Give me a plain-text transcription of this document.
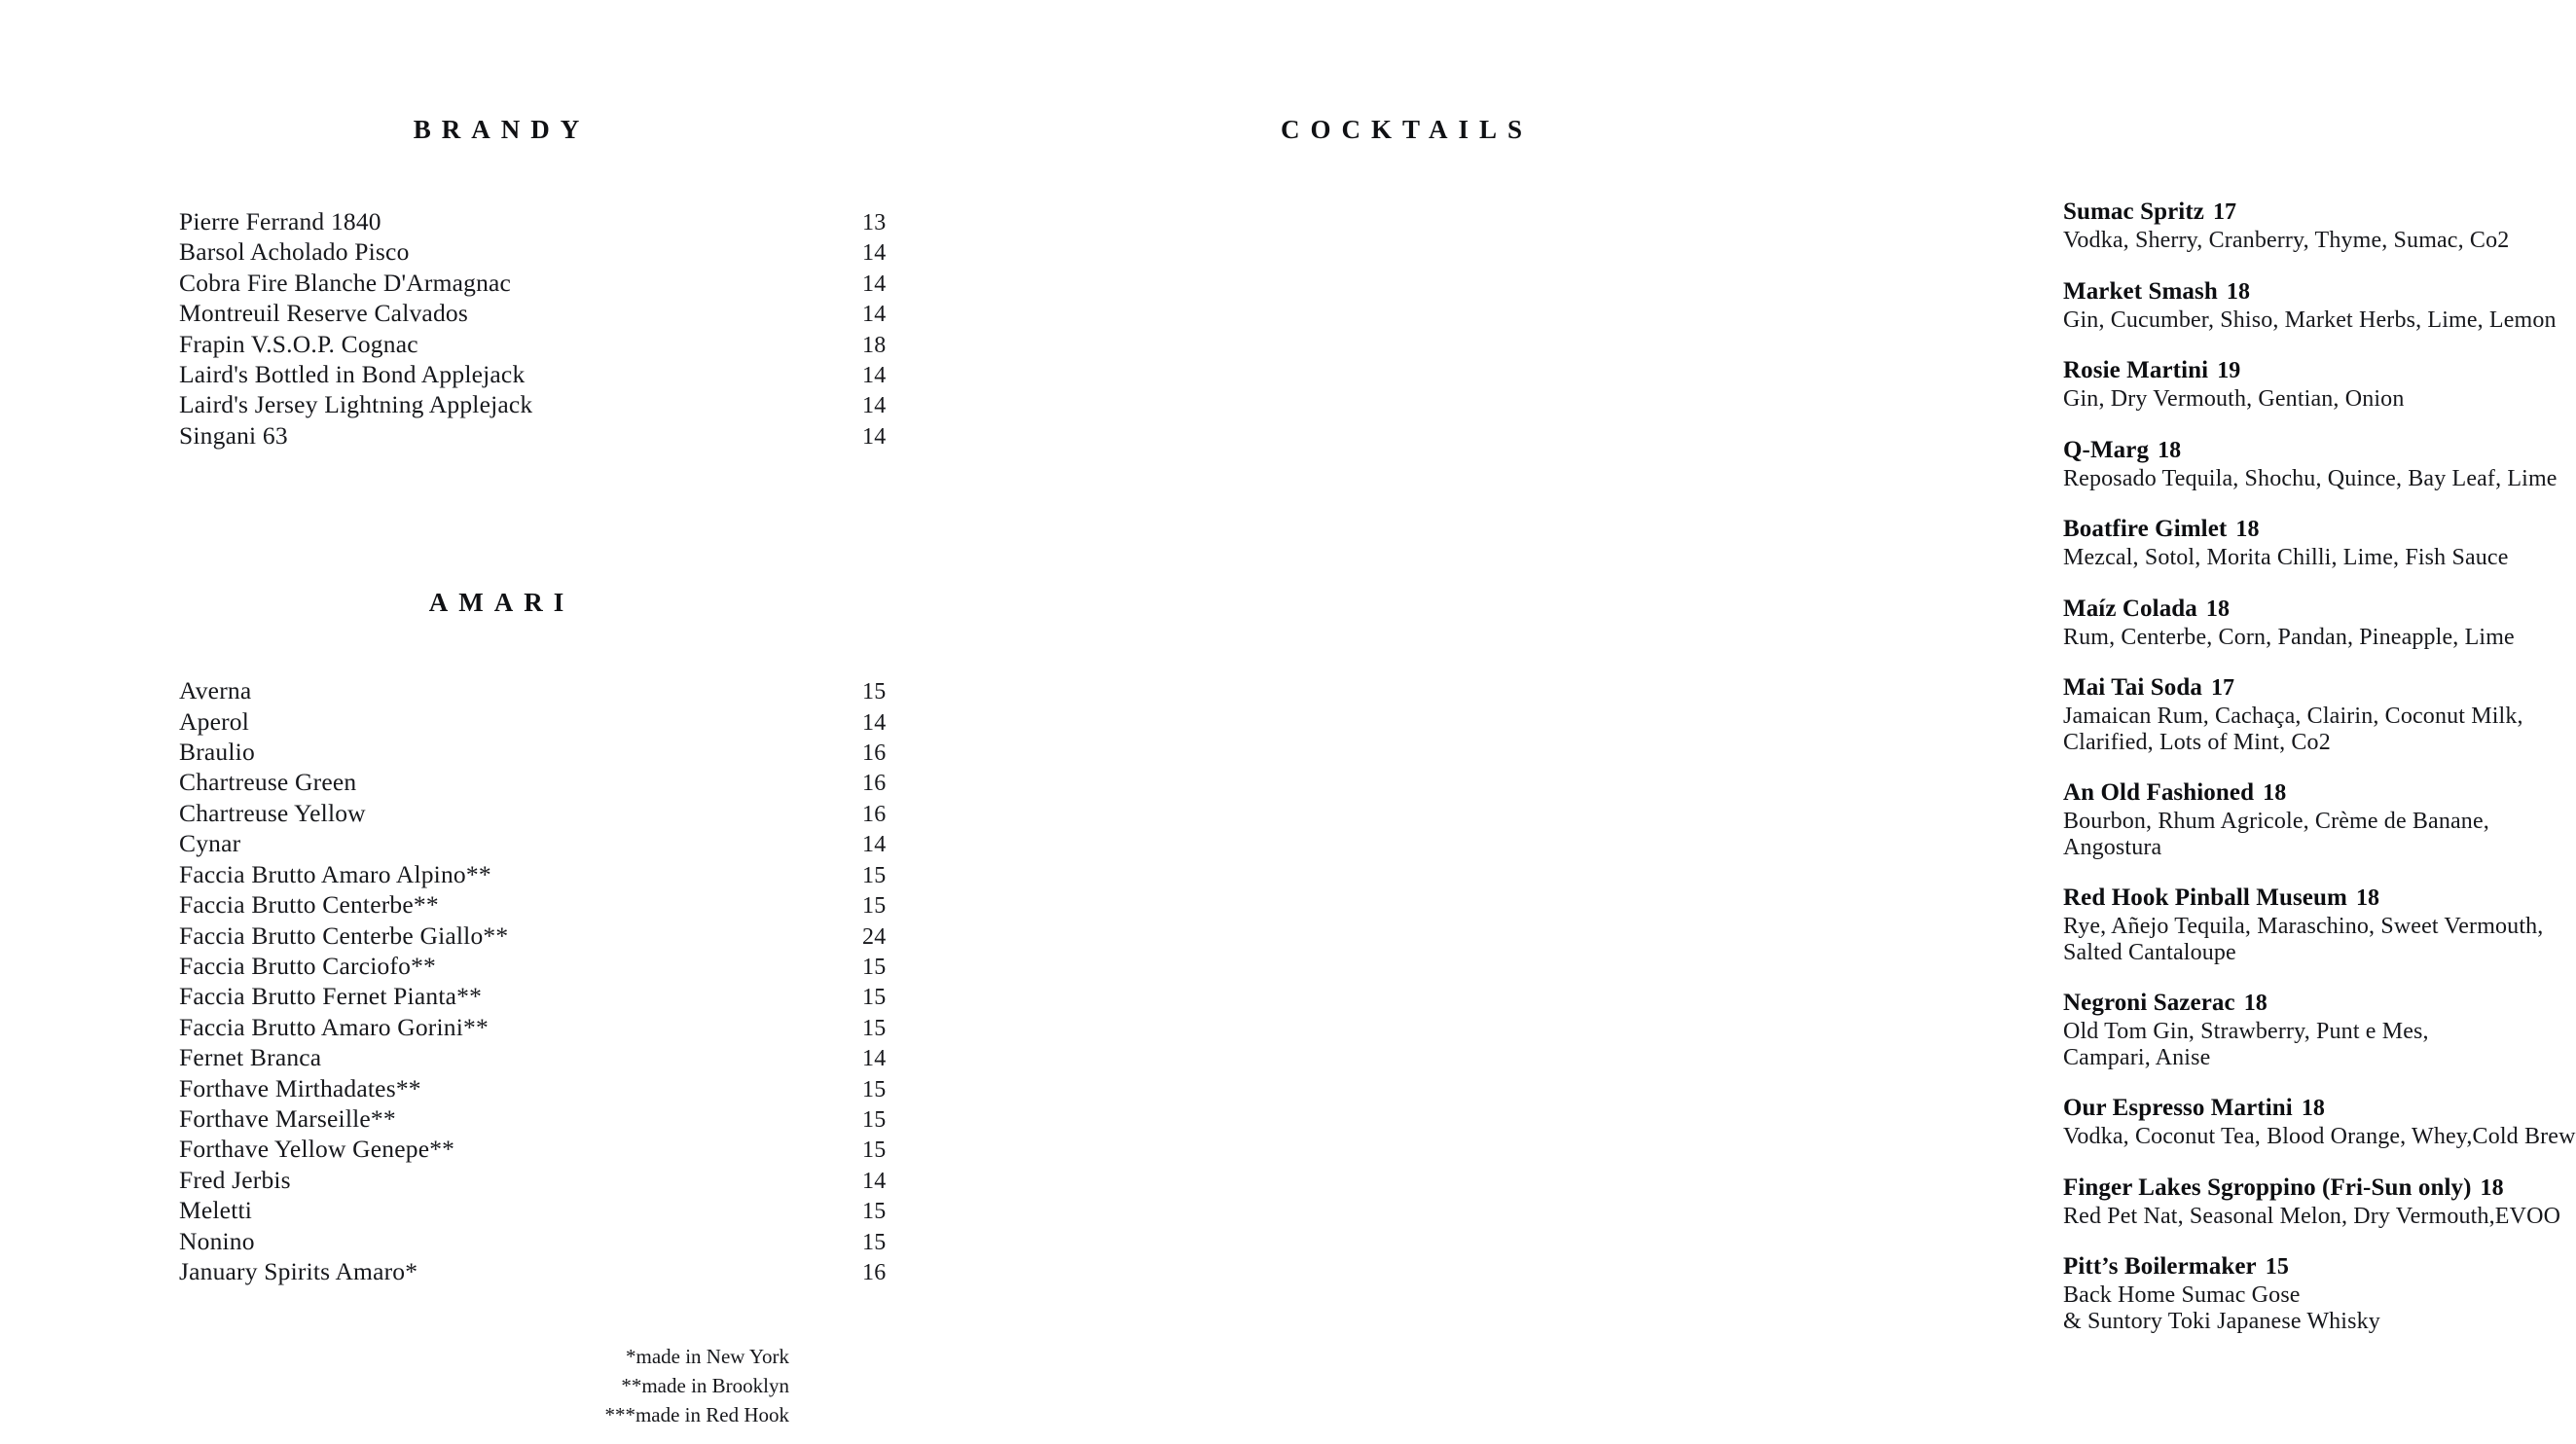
BRANDY
Pierre Ferrand 1840	13
Barsol Acholado Pisco	14
Cobra Fire Blanche D'Armagnac	14
Montreuil Reserve Calvados	14
Frapin V.S.O.P. Cognac	18
Laird's Bottled in Bond Applejack	14
Laird's Jersey Lightning Applejack	14
Singani 63	14
AMARI
Averna	15
Aperol	14
Braulio	16
Chartreuse Green	16
Chartreuse Yellow	16
Cynar	14
Faccia Brutto Amaro Alpino**	15
Faccia Brutto Centerbe**	15
Faccia Brutto Centerbe Giallo**	24
Faccia Brutto Carciofo**	15
Faccia Brutto Fernet Pianta**	15
Faccia Brutto Amaro Gorini**	15
Fernet Branca	14
Forthave Mirthadates**	15
Forthave Marseille**	15
Forthave Yellow Genepe**	15
Fred Jerbis	14
Meletti	15
Nonino	15
January Spirits Amaro*	16
*made in New York
**made in Brooklyn
***made in Red Hook
COCKTAILS
Sumac Spritz 17
Vodka, Sherry, Cranberry, Thyme, Sumac, Co2
Market Smash 18
Gin, Cucumber, Shiso, Market Herbs, Lime, Lemon
Rosie Martini 19
Gin, Dry Vermouth, Gentian, Onion
Q-Marg 18
Reposado Tequila, Shochu, Quince, Bay Leaf, Lime
Boatfire Gimlet 18
Mezcal, Sotol, Morita Chilli, Lime, Fish Sauce
Maíz Colada 18
Rum, Centerbe, Corn, Pandan, Pineapple, Lime
Mai Tai Soda 17
Jamaican Rum, Cachaça, Clairin, Coconut Milk,
Clarified, Lots of Mint, Co2
An Old Fashioned 18
Bourbon, Rhum Agricole, Crème de Banane,
Angostura
Red Hook Pinball Museum 18
Rye, Añejo Tequila, Maraschino, Sweet Vermouth,
Salted Cantaloupe
Negroni Sazerac 18
Old Tom Gin, Strawberry, Punt e Mes,
Campari, Anise
Our Espresso Martini 18
Vodka, Coconut Tea, Blood Orange, Whey,Cold Brew
Finger Lakes Sgroppino (Fri-Sun only) 18
Red Pet Nat, Seasonal Melon, Dry Vermouth,EVOO
Pitt’s Boilermaker 15
Back Home Sumac Gose
& Suntory Toki Japanese Whisky
